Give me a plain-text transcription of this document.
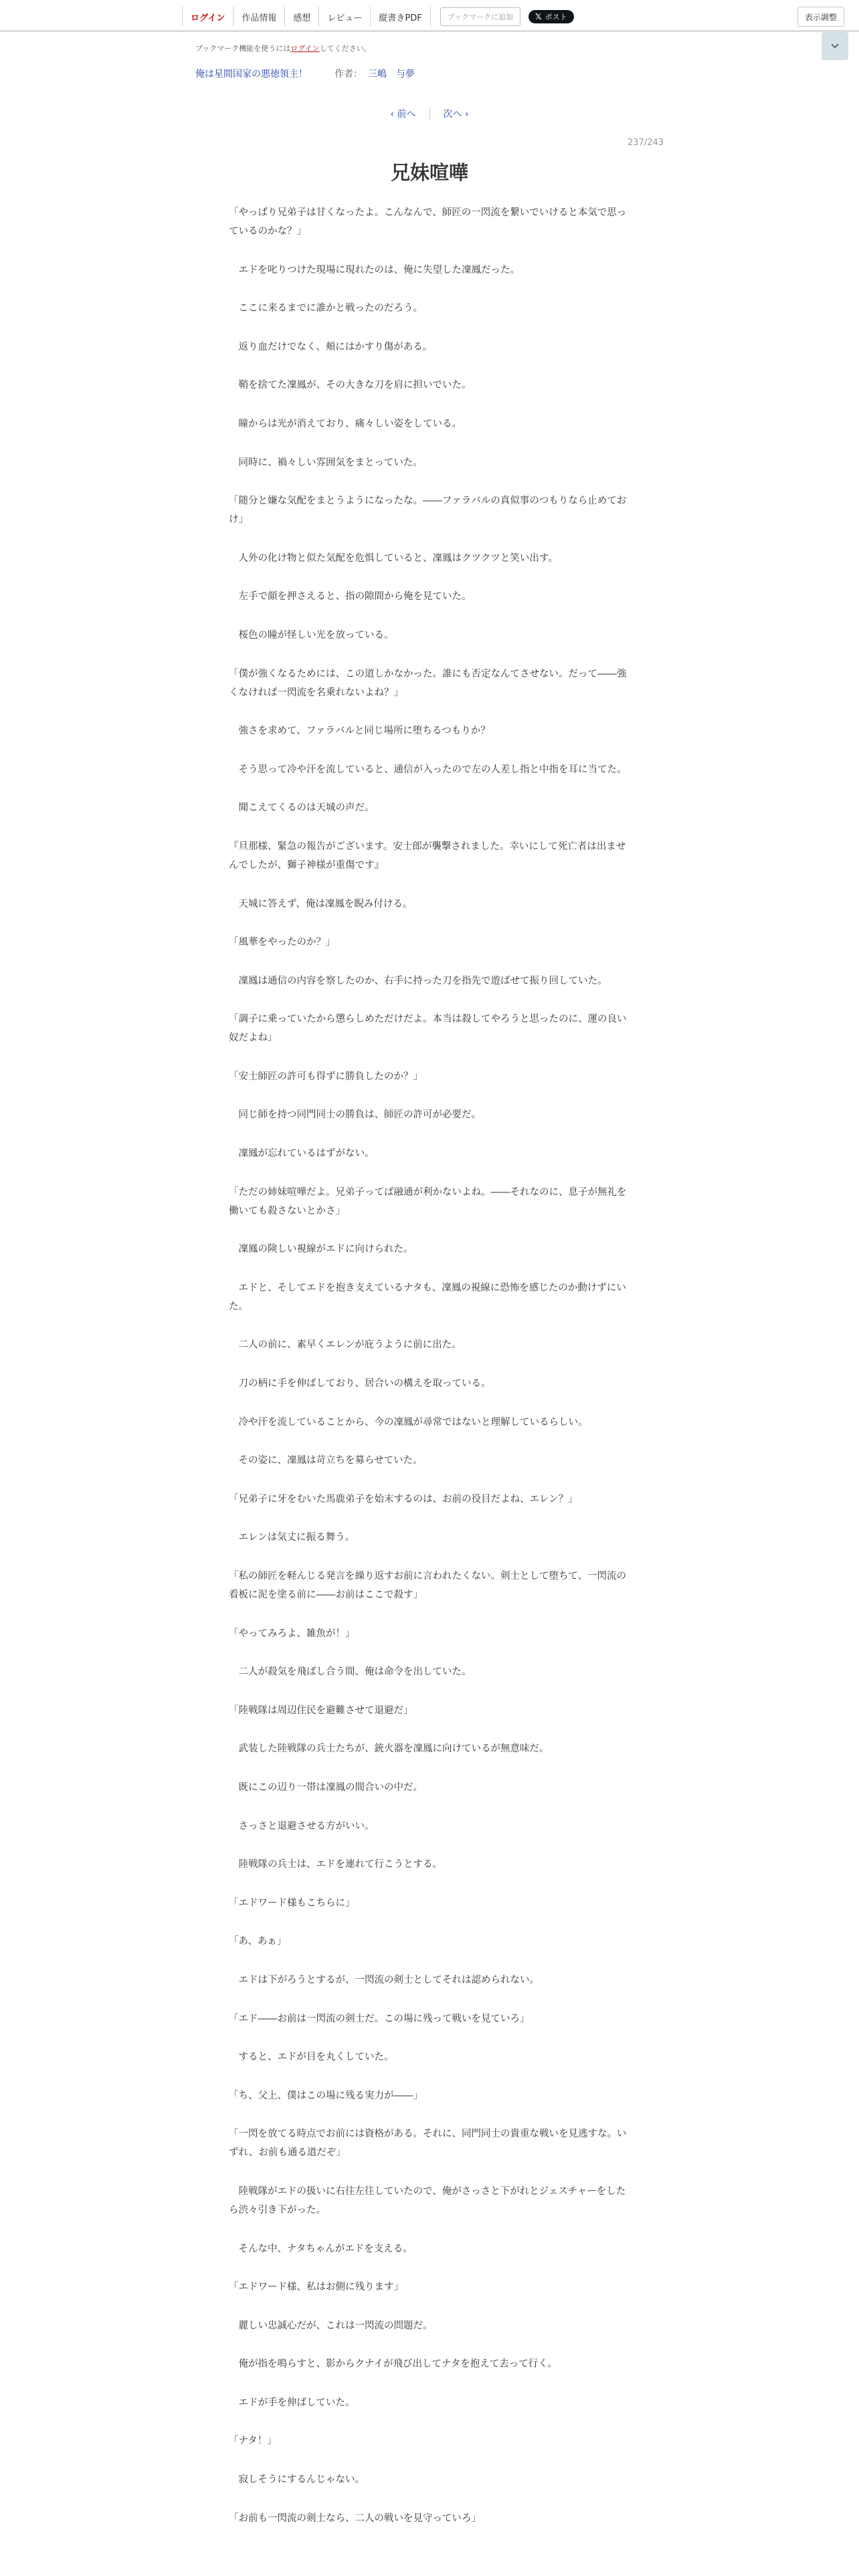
ログイン	作品情報	感想	レビュー	縦書きPDF	ブックマークに追加	𝕏 ポスト	表示調整
ブックマーク機能を使うにはログインしてください。
俺は星間国家の悪徳領主！	作者： 三嶋　与夢
‹ 前へ	次へ ›
237/243
兄妹喧嘩

「やっぱり兄弟子は甘くなったよ。こんなんで、師匠の一閃流を繋いでいけると本気で思っているのかな？」

　エドを叱りつけた現場に現れたのは、俺に失望した凜鳳だった。

　ここに来るまでに誰かと戦ったのだろう。

　返り血だけでなく、頬にはかすり傷がある。

　鞘を捨てた凜鳳が、その大きな刀を肩に担いでいた。

　瞳からは光が消えており、痛々しい姿をしている。

　同時に、禍々しい雰囲気をまとっていた。

「随分と嫌な気配をまとうようになったな。――ファラバルの真似事のつもりなら止めておけ」

　人外の化け物と似た気配を危惧していると、凜鳳はクツクツと笑い出す。

　左手で顔を押さえると、指の隙間から俺を見ていた。

　桜色の瞳が怪しい光を放っている。

「僕が強くなるためには、この道しかなかった。誰にも否定なんてさせない。だって――強くなければ一閃流を名乗れないよね？」

　強さを求めて、ファラバルと同じ場所に堕ちるつもりか？

　そう思って冷や汗を流していると、通信が入ったので左の人差し指と中指を耳に当てた。

　聞こえてくるのは天城の声だ。

『旦那様、緊急の報告がございます。安士郎が襲撃されました。幸いにして死亡者は出ませんでしたが、獅子神様が重傷です』

　天城に答えず、俺は凜鳳を睨み付ける。

「風華をやったのか？」

　凜鳳は通信の内容を察したのか、右手に持った刀を指先で遊ばせて振り回していた。

「調子に乗っていたから懲らしめただけだよ。本当は殺してやろうと思ったのに、運の良い奴だよね」

「安士師匠の許可も得ずに勝負したのか？」

　同じ師を持つ同門同士の勝負は、師匠の許可が必要だ。

　凜鳳が忘れているはずがない。

「ただの姉妹喧嘩だよ。兄弟子ってば融通が利かないよね。――それなのに、息子が無礼を働いても殺さないとかさ」

　凜鳳の険しい視線がエドに向けられた。

　エドと、そしてエドを抱き支えているナタも、凜鳳の視線に恐怖を感じたのか動けずにいた。

　二人の前に、素早くエレンが庇うように前に出た。

　刀の柄に手を伸ばしており、居合いの構えを取っている。

　冷や汗を流していることから、今の凜鳳が尋常ではないと理解しているらしい。

　その姿に、凜鳳は苛立ちを募らせていた。

「兄弟子に牙をむいた馬鹿弟子を始末するのは、お前の役目だよね、エレン？」

　エレンは気丈に振る舞う。

「私の師匠を軽んじる発言を繰り返すお前に言われたくない。剣士として堕ちて、一閃流の看板に泥を塗る前に――お前はここで殺す」

「やってみろよ、雑魚が！」

　二人が殺気を飛ばし合う間、俺は命令を出していた。

「陸戦隊は周辺住民を避難させて退避だ」

　武装した陸戦隊の兵士たちが、銃火器を凜鳳に向けているが無意味だ。

　既にこの辺り一帯は凜鳳の間合いの中だ。

　さっさと退避させる方がいい。

　陸戦隊の兵士は、エドを連れて行こうとする。

「エドワード様もこちらに」

「あ、あぁ」

　エドは下がろうとするが、一閃流の剣士としてそれは認められない。

「エド――お前は一閃流の剣士だ。この場に残って戦いを見ていろ」

　すると、エドが目を丸くしていた。

「ち、父上、僕はこの場に残る実力が――」

「一閃を放てる時点でお前には資格がある。それに、同門同士の貴重な戦いを見逃すな。いずれ、お前も通る道だぞ」

　陸戦隊がエドの扱いに右往左往していたので、俺がさっさと下がれとジェスチャーをしたら渋々引き下がった。

　そんな中、ナタちゃんがエドを支える。

「エドワード様、私はお側に残ります」

　麗しい忠誠心だが、これは一閃流の問題だ。

　俺が指を鳴らすと、影からクナイが飛び出してナタを抱えて去って行く。

　エドが手を伸ばしていた。

「ナタ！」

　寂しそうにするんじゃない。

「お前も一閃流の剣士なら、二人の戦いを見守っていろ」
